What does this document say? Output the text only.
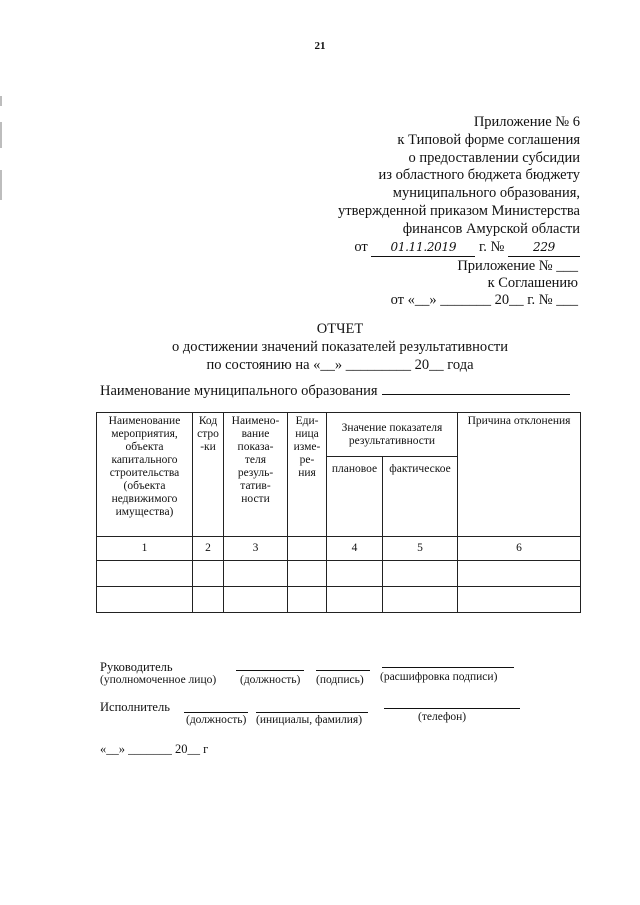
21
Приложение № 6
к Типовой форме соглашения
о предоставлении субсидии
из областного бюджета бюджету
муниципального образования,
утвержденной приказом Министерства
финансов Амурской области
от 01.11.2019 г. № 229
Приложение № ___
к Соглашению
от «__» _______ 20__ г. № ___
ОТЧЕТ
о достижении значений показателей результативности
по состоянию на «__» _________ 20__ года
Наименование муниципального образования
Наименование мероприятия, объекта капитального строительства (объекта недвижимого имущества)	Код стро -ки	Наимено- вание показа- теля резуль- татив- ности	Еди- ница изме- ре- ния	Значение показателя результативности		Причина отклонения
				плановое	фактическое	
1	2	3		4	5	6

Руководитель
(уполномоченное лицо) (должность) (подпись) (расшифровка подписи)
Исполнитель
(должность) (инициалы, фамилия)	(телефон)
«__» _______ 20__ г
